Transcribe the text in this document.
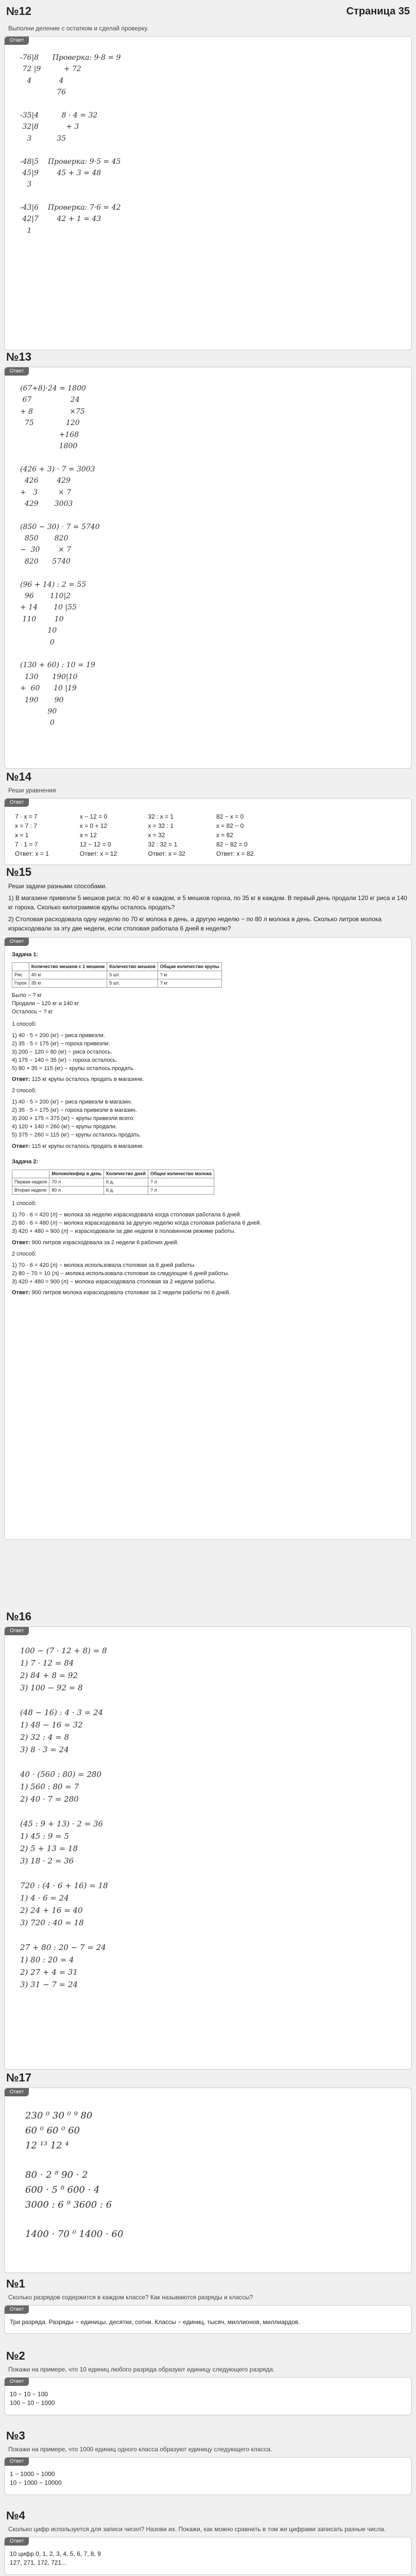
№12	Страница 35
Выполни деление с остатком и сделай проверку.
Ответ
-76|8      Проверка: 9·8 = 9
72 |9          + 72
4            4
76

-35|4          8 · 4 = 32
32|8            + 3
3           35

-48|5    Проверка: 9·5 = 45
45|9        45 + 3 = 48
3

-43|6    Проверка: 7·6 = 42
42|7        42 + 1 = 43
1
№13
Ответ
(67+8)·24 = 1800
67                 24
+ 8                ×75
75              120
+168
1800

(426 + 3) · 7 = 3003
426        429
+   3         × 7
429       3003

(850 − 30) · 7 = 5740
850       820
−  30        × 7
820      5740

(96 + 14) : 2 = 55
96       110|2
+ 14       10 |55
110        10
10
0

(130 + 60) : 10 = 19
130      190|10
+  60      10 |19
190       90
90
0
№14
Реши уравнения
Ответ
7 · x = 7
x = 7 : 7
x = 1
7 · 1 = 7
Ответ: x = 1
x − 12 = 0
x = 0 + 12
x = 12
12 − 12 = 0
Ответ: x = 12
32 : x = 1
x = 32 : 1
x = 32
32 : 32 = 1
Ответ: x = 32
82 − x = 0
x = 82 − 0
x = 82
82 − 82 = 0
Ответ: x = 82
№15

Реши задачи разными способами.

1) В магазине привезли 5 мешков риса: по 40 кг в каждом, и 5 мешков гороха, по 35 кг в каждом. В первый день продали 120 кг риса и 140 кг гороха. Сколько килограммов крупы осталось продать?

2) Столовая расходовала одну неделю по 70 кг молока в день, а другую неделю − по 80 л молока в день. Сколько литров молока израсходовали за эту две недели, если столовая работала 6 дней в неделю?

Ответ

Задача 1:

	Количество мешков с 1 мешком	Количество мешков	Общая количество крупы
Рис	40 кг	5 шт.	? кг
Горох	35 кг	5 шт.	? кг
Было − ? кг
Продали − 120 кг и 140 кг
Осталось − ? кг

1 способ:

1) 40 · 5 = 200 (кг) − риса привезли.
2) 35 · 5 = 175 (кг) − гороха привезли.
3) 200 − 120 = 80 (кг) − риса осталось.
4) 175 − 140 = 35 (кг) − гороха осталось.
5) 80 + 35 = 115 (кг) − крупы осталось продать.

Ответ: 115 кг крупы осталось продать в магазине.

2 способ:

1) 40 · 5 = 200 (кг) − риса привезли в магазин.
2) 35 · 5 = 175 (кг) − гороха привезли в магазин.
3) 200 + 175 = 375 (кг) − крупы привезли всего.
4) 120 + 140 = 260 (кг) − крупы продали.
5) 375 − 260 = 115 (кг) − крупы осталось продать.

Ответ: 115 кг крупы осталось продать в магазине.

Задача 2:

	Молоко/кефир в день	Количество дней	Общее количество молока
Первая неделя	70 л	6 д.	? л
Вторая неделя	80 л	6 д.	? л

1 способ:

1) 70 · 6 = 420 (л) − молока за неделю израсходовала когда столовая работала 6 дней.
2) 80 · 6 = 480 (л) − молока израсходовала за другую неделю когда столовая работала 6 дней.
3) 420 + 480 = 900 (л) − израсходовали за две недели в половинном режиме работы.

Ответ: 900 литров израсходовала за 2 недели 6 рабочих дней.

2 способ:

1) 70 · 6 = 420 (л) − молока использовала столовая за 6 дней работы.
2) 80 − 70 = 10 (л) − молока использовала столовая за следующие 6 дней работы.
3) 420 + 480 = 900 (л) − молока израсходовала столовая за 2 недели работы.

Ответ: 900 литров молока израсходовала столовая за 2 недели работы по 6 дней.

№16
Ответ
100 − (7 · 12 + 8) = 8
1) 7 · 12 = 84
2) 84 + 8 = 92
3) 100 − 92 = 8

(48 − 16) : 4 · 3 = 24
1) 48 − 16 = 32
2) 32 : 4 = 8
3) 8 · 3 = 24

40 · (560 : 80) = 280
1) 560 : 80 = 7
2) 40 · 7 = 280

(45 : 9 + 13) · 2 = 36
1) 45 : 9 = 5
2) 5 + 13 = 18
3) 18 · 2 = 36

720 : (4 · 6 + 16) = 18
1) 4 · 6 = 24
2) 24 + 16 = 40
3) 720 : 40 = 18

27 + 80 : 20 − 7 = 24
1) 80 : 20 = 4
2) 27 + 4 = 31
3) 31 − 7 = 24
№17
Ответ
230 ⁰ 30 ⁰ ⁹ 80
60 ⁰ 60 ⁰ 60
12 ¹³ 12 ⁴

80 · 2 ⁸ 90 · 2
600 · 5 ⁸ 600 · 4
3000 : 6 ⁹ 3600 : 6

1400 · 70 ⁰ 1400 · 60
№1
Сколько разрядов содержится в каждом классе? Как называются разряды и классы?
Ответ
Три разряда. Разряды − единицы, десятки, сотни. Классы − единиц, тысяч, миллионов, миллиардов.
№2
Покажи на примере, что 10 единиц любого разряда образуют единицу следующего разряда.
Ответ
10 − 10 − 100
100 − 10 − 1000
№3
Покажи на примере, что 1000 единиц одного класса образуют единицу следующего класса.
Ответ
1 − 1000 − 1000
10 − 1000 − 10000
№4
Сколько цифр используется для записи чисел? Назови их. Покажи, как можно сравнить в том же цифрами записать разные числа.
Ответ
10 цифр 0, 1, 2, 3, 4, 5, 6, 7, 8, 9
127, 271, 172, 721...
